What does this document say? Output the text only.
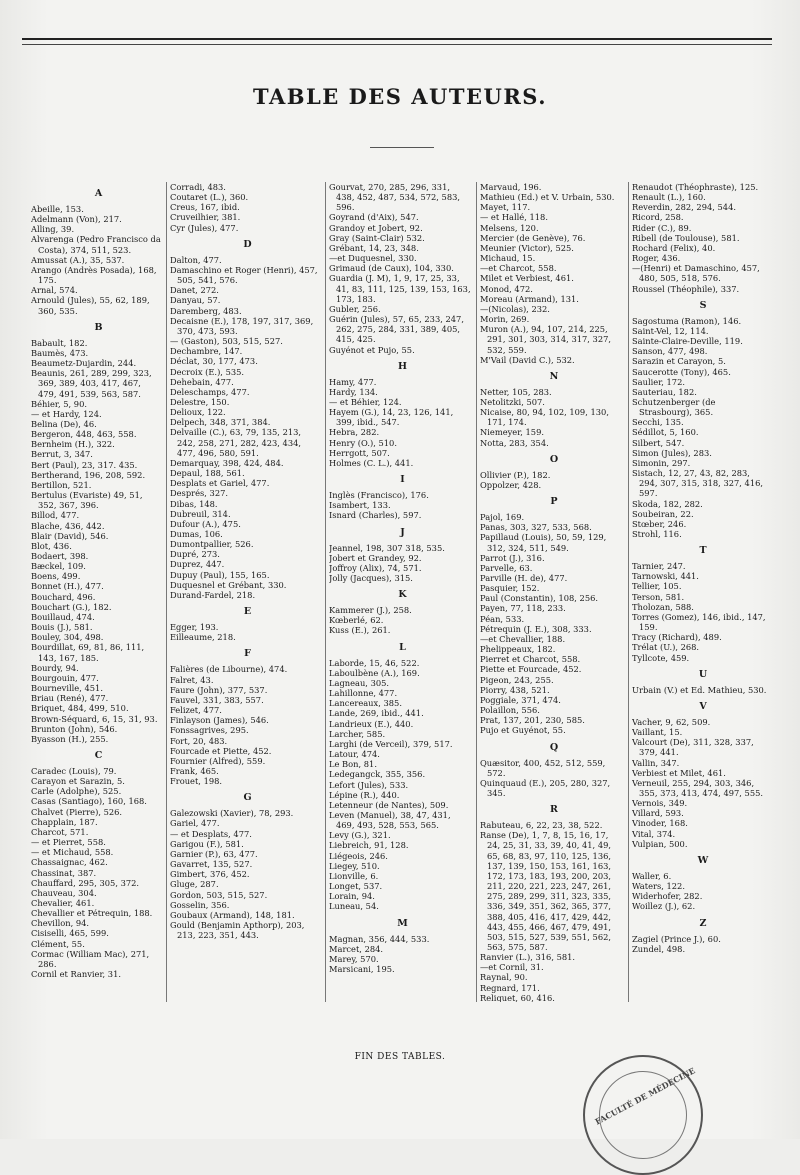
TABLE DES AUTEURS.
A
Abeille, 153.
Adelmann (Von), 217.
Alling, 39.
Alvarenga (Pedro Francisco da Costa), 374, 511, 523.
Amussat (A.), 35, 537.
Arango (Andrès Posada), 168, 175.
Arnal, 574.
Arnould (Jules), 55, 62, 189, 360, 535.
B
Babault, 182.
Baumès, 473.
Beaumetz-Dujardin, 244.
Beaunis, 261, 289, 299, 323, 369, 389, 403, 417, 467, 479, 491, 539, 563, 587.
Béhier, 5, 90.
— et Hardy, 124.
Belina (De), 46.
Bergeron, 448, 463, 558.
Bernheim (H.), 322.
Berrut, 3, 347.
Bert (Paul), 23, 317. 435.
Bertherand, 196, 208, 592.
Bertillon, 521.
Bertulus (Evariste) 49, 51, 352, 367, 396.
Billod, 477.
Blache, 436, 442.
Blair (David), 546.
Blot, 436.
Bodaert, 398.
Bæckel, 109.
Boens, 499.
Bonnet (H.), 477.
Bouchard, 496.
Bouchart (G.), 182.
Bouillaud, 474.
Bouis (J.), 581.
Bouley, 304, 498.
Bourdillat, 69, 81, 86, 111, 143, 167, 185.
Bourdy, 94.
Bourgouin, 477.
Bourneville, 451.
Briau (René), 477.
Briquet, 484, 499, 510.
Brown-Séquard, 6, 15, 31, 93.
Brunton (John), 546.
Byasson (H.), 255.
C
Caradec (Louis), 79.
Carayon et Sarazin, 5.
Carle (Adolphe), 525.
Casas (Santiago), 160, 168.
Chalvet (Pierre), 526.
Chapplain, 187.
Charcot, 571.
— et Pierret, 558.
— et Michaud, 558.
Chassaignac, 462.
Chassinat, 387.
Chauffard, 295, 305, 372.
Chauveau, 304.
Chevalier, 461.
Chevallier et Pétrequin, 188.
Chevillon, 94.
Cisiselli, 465, 599.
Clément, 55.
Cormac (William Mac), 271, 286.
Cornil et Ranvier, 31.
Corradi, 483.
Coutaret (L.), 360.
Creus, 167, ibid.
Cruveilhier, 381.
Cyr (Jules), 477.
D
Dalton, 477.
Damaschino et Roger (Henri), 457, 505, 541, 576.
Danet, 272.
Danyau, 57.
Daremberg, 483.
Decaisne (E.), 178, 197, 317, 369, 370, 473, 593.
— (Gaston), 503, 515, 527.
Dechambre, 147.
Déclat, 30, 177, 473.
Decroix (E.), 535.
Dehebain, 477.
Deleschamps, 477.
Delestre, 150.
Delioux, 122.
Delpech, 348, 371, 384.
Delvaille (C.), 63, 79, 135, 213, 242, 258, 271, 282, 423, 434, 477, 496, 580, 591.
Demarquay, 398, 424, 484.
Depaul, 188, 561.
Desplats et Gariel, 477.
Després, 327.
Dibas, 148.
Dubreuil, 314.
Dufour (A.), 475.
Dumas, 106.
Dumontpallier, 526.
Dupré, 273.
Duprez, 447.
Dupuy (Paul), 155, 165.
Duquesnel et Grébant, 330.
Durand-Fardel, 218.
E
Egger, 193.
Eilleaume, 218.
F
Falières (de Libourne), 474.
Falret, 43.
Faure (John), 377, 537.
Fauvel, 331, 383, 557.
Felizet, 477.
Finlayson (James), 546.
Fonssagrives, 295.
Fort, 20, 483.
Fourcade et Piette, 452.
Fournier (Alfred), 559.
Frank, 465.
Frouet, 198.
G
Galezowski (Xavier), 78, 293.
Gariel, 477.
— et Desplats, 477.
Garigou (F.), 581.
Garnier (P.), 63, 477.
Gavarret, 135, 527.
Gimbert, 376, 452.
Gluge, 287.
Gordon, 503, 515, 527.
Gosselin, 356.
Goubaux (Armand), 148, 181.
Gould (Benjamin Apthorp), 203, 213, 223, 351, 443.
Gourvat, 270, 285, 296, 331, 438, 452, 487, 534, 572, 583, 596.
Goyrand (d'Aix), 547.
Grandoy et Jobert, 92.
Gray (Saint-Clair) 532.
Grébant, 14, 23, 348.
—et Duquesnel, 330.
Grimaud (de Caux), 104, 330.
Guardia (J. M), 1, 9, 17, 25, 33, 41, 83, 111, 125, 139, 153, 163, 173, 183.
Gubler, 256.
Guérin (Jules), 57, 65, 233, 247, 262, 275, 284, 331, 389, 405, 415, 425.
Guyénot et Pujo, 55.
H
Hamy, 477.
Hardy, 134.
— et Béhier, 124.
Hayem (G.), 14, 23, 126, 141, 399, ibid., 547.
Hebra, 282.
Henry (O.), 510.
Herrgott, 507.
Holmes (C. L.), 441.
I
Inglès (Francisco), 176.
Isambert, 133.
Isnard (Charles), 597.
J
Jeannel, 198, 307 318, 535.
Jobert et Grandey, 92.
Joffroy (Alix), 74, 571.
Jolly (Jacques), 315.
K
Kammerer (J.), 258.
Kœberlé, 62.
Kuss (E.), 261.
L
Laborde, 15, 46, 522.
Laboulbène (A.), 169.
Lagneau, 305.
Lahillonne, 477.
Lancereaux, 385.
Lande, 269, ibid., 441.
Landrieux (E.), 440.
Larcher, 585.
Larghi (de Verceil), 379, 517.
Latour, 474.
Le Bon, 81.
Ledegangck, 355, 356.
Lefort (Jules), 533.
Lépine (R.), 440.
Letenneur (de Nantes), 509.
Leven (Manuel), 38, 47, 431, 469, 493, 528, 553, 565.
Levy (G.), 321.
Liebreich, 91, 128.
Liégeois, 246.
Liegey, 510.
Lionville, 6.
Longet, 537.
Lorain, 94.
Luneau, 54.
M
Magnan, 356, 444, 533.
Marcet, 284.
Marey, 570.
Marsicani, 195.
Marvaud, 196.
Mathieu (Ed.) et V. Urbain, 530.
Mayet, 117.
— et Hallé, 118.
Melsens, 120.
Mercier (de Genève), 76.
Meunier (Victor), 525.
Michaud, 15.
—et Charcot, 558.
Milet et Verbiest, 461.
Monod, 472.
Moreau (Armand), 131.
—(Nicolas), 232.
Morin, 269.
Muron (A.), 94, 107, 214, 225, 291, 301, 303, 314, 317, 327, 532, 559.
M'Vail (David C.), 532.
N
Netter, 105, 283.
Netolitzki, 507.
Nicaise, 80, 94, 102, 109, 130, 171, 174.
Niemeyer, 159.
Notta, 283, 354.
O
Ollivier (P.), 182.
Oppolzer, 428.
P
Pajol, 169.
Panas, 303, 327, 533, 568.
Papillaud (Louis), 50, 59, 129, 312, 324, 511, 549.
Parrot (J.), 316.
Parvelle, 63.
Parville (H. de), 477.
Pasquier, 152.
Paul (Constantin), 108, 256.
Payen, 77, 118, 233.
Péan, 533.
Pétrequin (J. E.), 308, 333.
—et Chevallier, 188.
Phelippeaux, 182.
Pierret et Charcot, 558.
Piette et Fourcade, 452.
Pigeon, 243, 255.
Piorry, 438, 521.
Poggiale, 371, 474.
Polaillon, 556.
Prat, 137, 201, 230, 585.
Pujo et Guyénot, 55.
Q
Quæsitor, 400, 452, 512, 559, 572.
Quinquaud (E.), 205, 280, 327, 345.
R
Rabuteau, 6, 22, 23, 38, 522.
Ranse (De), 1, 7, 8, 15, 16, 17, 24, 25, 31, 33, 39, 40, 41, 49, 65, 68, 83, 97, 110, 125, 136, 137, 139, 150, 153, 161, 163, 172, 173, 183, 193, 200, 203, 211, 220, 221, 223, 247, 261, 275, 289, 299, 311, 323, 335, 336, 349, 351, 362, 365, 377, 388, 405, 416, 417, 429, 442, 443, 455, 466, 467, 479, 491, 503, 515, 527, 539, 551, 562, 563, 575, 587.
Ranvier (L.), 316, 581.
—et Cornil, 31.
Raynal, 90.
Regnard, 171.
Reliquet, 60, 416.
Renaudot (Théophraste), 125.
Renault (L.), 160.
Reverdin, 282, 294, 544.
Ricord, 258.
Rider (C.), 89.
Ribell (de Toulouse), 581.
Rochard (Felix), 40.
Roger, 436.
—(Henri) et Damaschino, 457, 480, 505, 518, 576.
Roussel (Théophile), 337.
S
Sagostuma (Ramon), 146.
Saint-Vel, 12, 114.
Sainte-Claire-Deville, 119.
Sanson, 477, 498.
Sarazin et Carayon, 5.
Saucerotte (Tony), 465.
Saulier, 172.
Sauteriau, 182.
Schutzenberger (de Strasbourg), 365.
Secchi, 135.
Sédillot, 5, 160.
Silbert, 547.
Simon (Jules), 283.
Simonin, 297.
Sistach, 12, 27, 43, 82, 283, 294, 307, 315, 318, 327, 416, 597.
Skoda, 182, 282.
Soubeiran, 22.
Stœber, 246.
Strohl, 116.
T
Tarnier, 247.
Tarnowski, 441.
Tellier, 105.
Terson, 581.
Tholozan, 588.
Torres (Gomez), 146, ibid., 147, 159.
Tracy (Richard), 489.
Trélat (U.), 268.
Tyllcote, 459.
U
Urbain (V.) et Ed. Mathieu, 530.
V
Vacher, 9, 62, 509.
Vaillant, 15.
Valcourt (De), 311, 328, 337, 379, 441.
Vallin, 347.
Verbiest et Milet, 461.
Verneuil, 255, 294, 303, 346, 355, 373, 413, 474, 497, 555.
Vernois, 349.
Villard, 593.
Vinoder, 168.
Vital, 374.
Vulpian, 500.
W
Waller, 6.
Waters, 122.
Widerhofer, 282.
Woillez (J.), 62.
Z
Zagiel (Prince J.), 60.
Zundel, 498.
FIN DES TABLES.
FACULTÉ DE MÉDECINE
